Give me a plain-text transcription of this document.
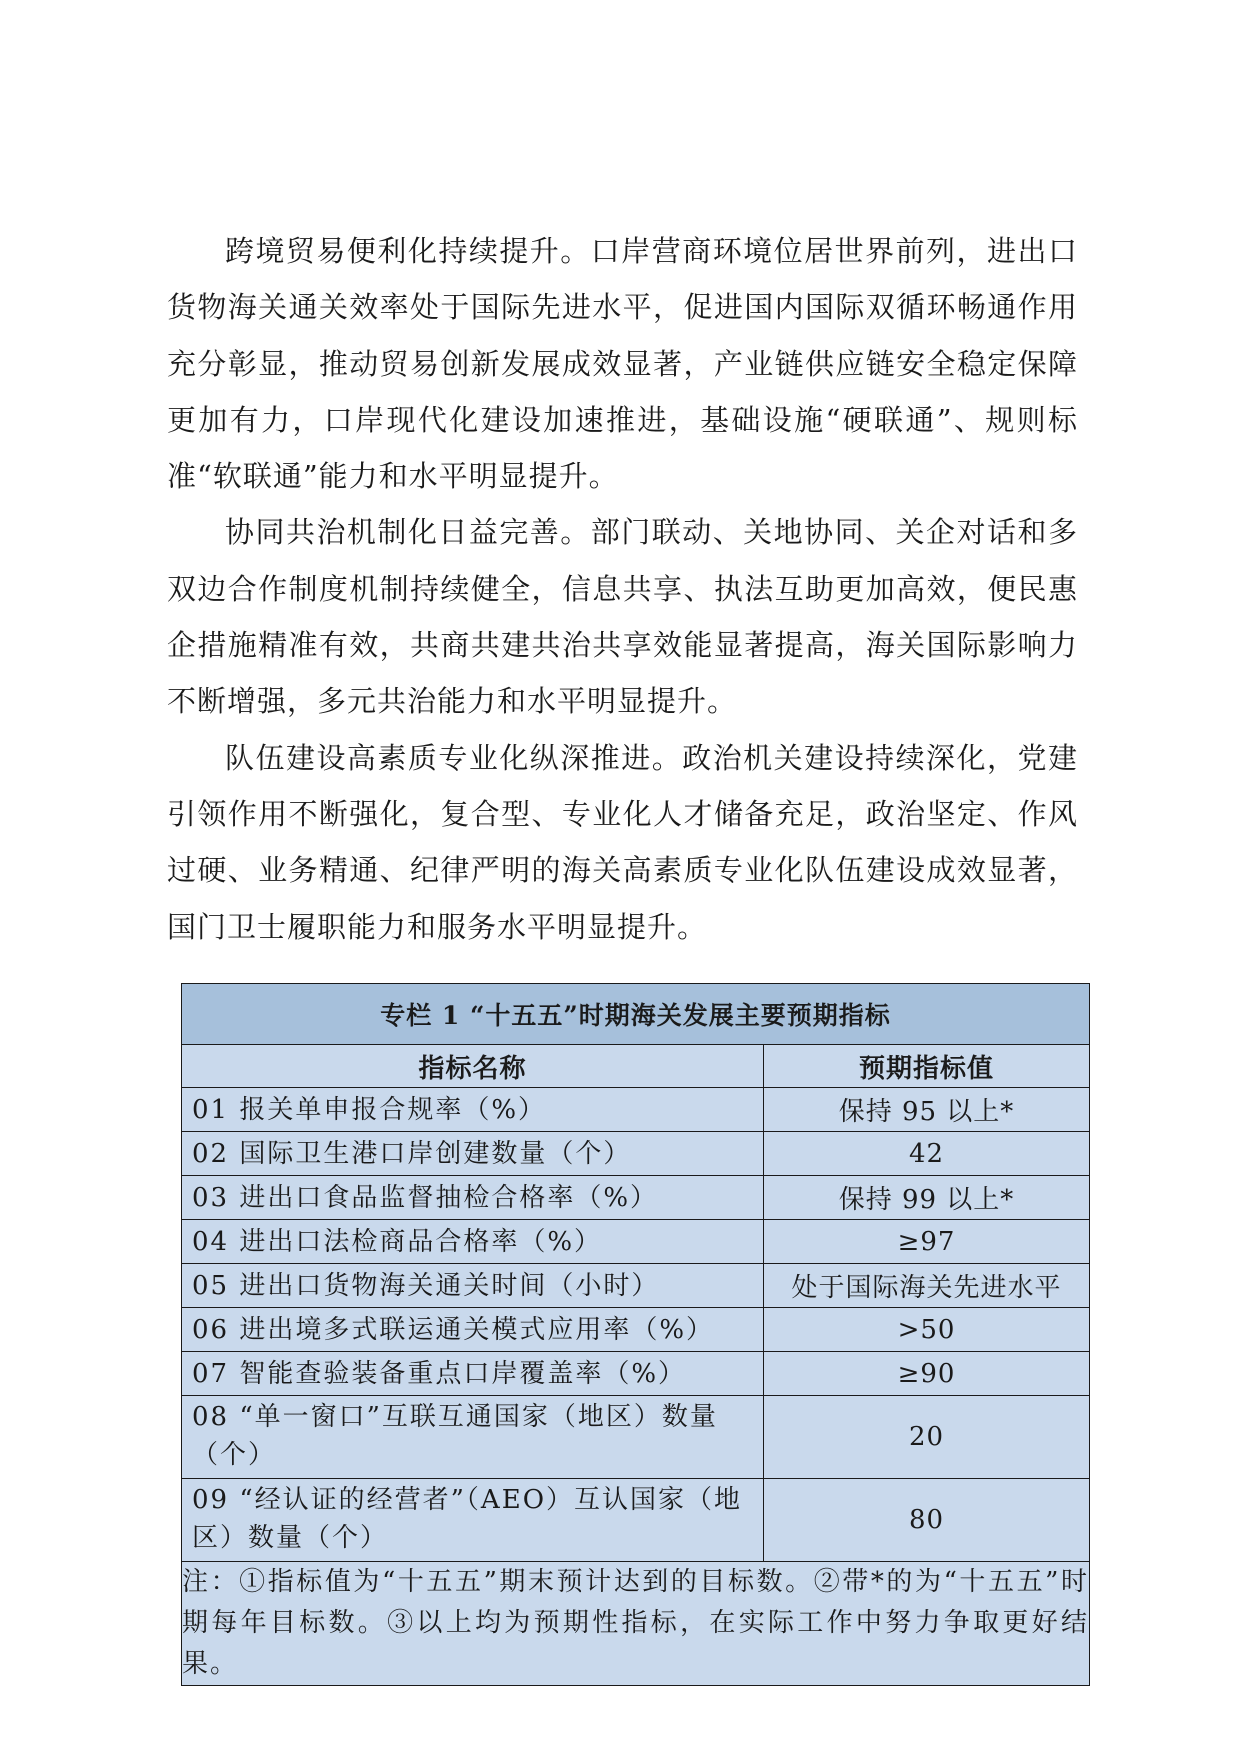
跨境贸易便利化持续提升。口岸营商环境位居世界前列，进出口货物海关通关效率处于国际先进水平，促进国内国际双循环畅通作用充分彰显，推动贸易创新发展成效显著，产业链供应链安全稳定保障更加有力，口岸现代化建设加速推进，基础设施“硬联通”、规则标准“软联通”能力和水平明显提升。

协同共治机制化日益完善。部门联动、关地协同、关企对话和多双边合作制度机制持续健全，信息共享、执法互助更加高效，便民惠企措施精准有效，共商共建共治共享效能显著提高，海关国际影响力不断增强，多元共治能力和水平明显提升。

队伍建设高素质专业化纵深推进。政治机关建设持续深化，党建引领作用不断强化，复合型、专业化人才储备充足，政治坚定、作风过硬、业务精通、纪律严明的海关高素质专业化队伍建设成效显著，国门卫士履职能力和服务水平明显提升。

专栏 1 “十五五”时期海关发展主要预期指标	
指标名称	预期指标值
01 报关单申报合规率（%）	保持 95 以上*
02 国际卫生港口岸创建数量（个）	42
03 进出口食品监督抽检合格率（%）	保持 99 以上*
04 进出口法检商品合格率（%）	≥97
05 进出口货物海关通关时间（小时）	处于国际海关先进水平
06 进出境多式联运通关模式应用率（%）	>50
07 智能查验装备重点口岸覆盖率（%）	≥90
08 “单一窗口”互联互通国家（地区）数量（个）	20
09 “经认证的经营者”（AEO）互认国家（地区）数量（个）	80
注：①指标值为“十五五”期末预计达到的目标数。②带*的为“十五五”时期每年目标数。③以上均为预期性指标，在实际工作中努力争取更好结果。	
